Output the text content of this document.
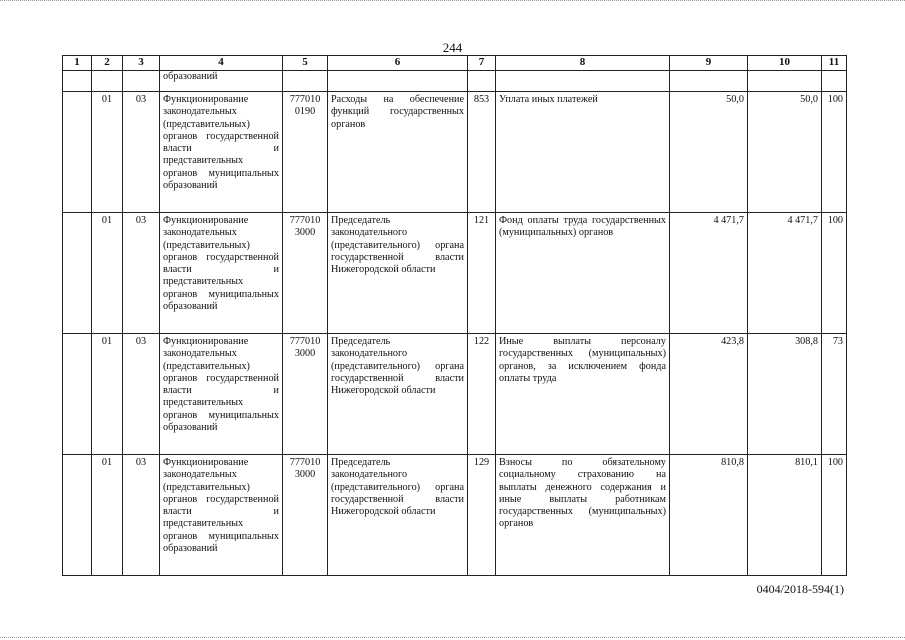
244
1	2	3	4	5	6	7	8	9	10	11
			образований							
	01	03	Функционирование законодательных (представительных) органов государственной власти и представительных органов муниципальных образований	777010 0190	Расходы на обеспечение функций государственных органов	853	Уплата иных платежей	50,0	50,0	100
	01	03	Функционирование законодательных (представительных) органов государственной власти и представительных органов муниципальных образований	777010 3000	Председатель законодательного (представительного) органа государственной власти Нижегородской области	121	Фонд оплаты труда государственных (муниципальных) органов	4 471,7	4 471,7	100
	01	03	Функционирование законодательных (представительных) органов государственной власти и представительных органов муниципальных образований	777010 3000	Председатель законодательного (представительного) органа государственной власти Нижегородской области	122	Иные выплаты персоналу государственных (муниципальных) органов, за исключением фонда оплаты труда	423,8	308,8	73
	01	03	Функционирование законодательных (представительных) органов государственной власти и представительных органов муниципальных образований	777010 3000	Председатель законодательного (представительного) органа государственной власти Нижегородской области	129	Взносы по обязательному социальному страхованию на выплаты денежного содержания и иные выплаты работникам государственных (муниципальных) органов	810,8	810,1	100
0404/2018-594(1)
